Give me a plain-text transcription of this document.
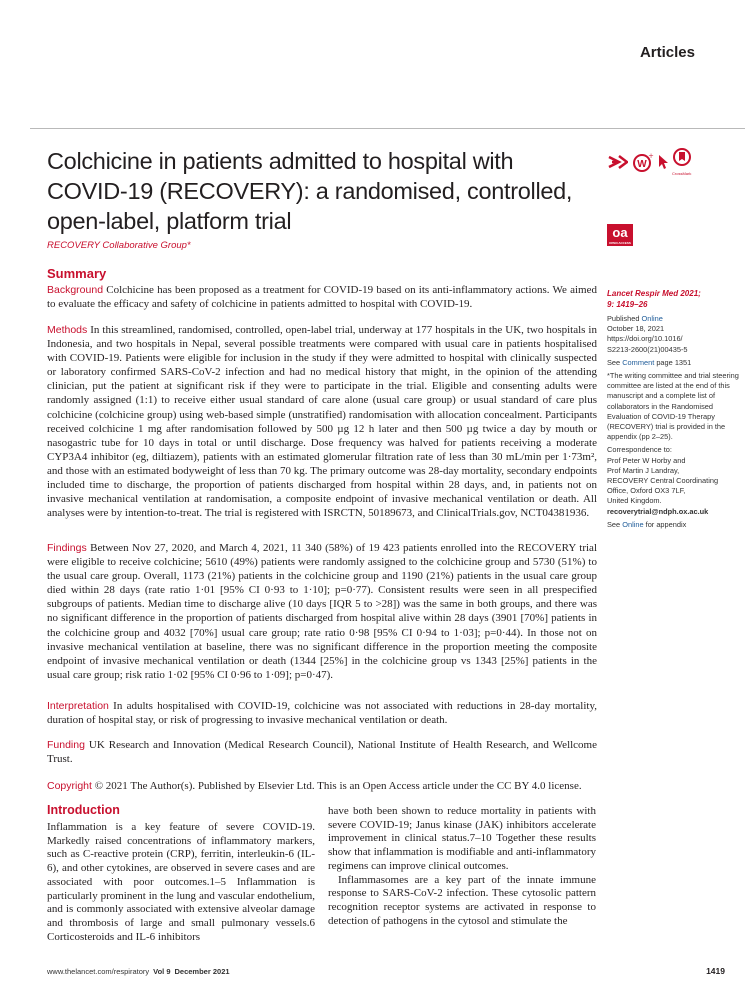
Articles
Colchicine in patients admitted to hospital with COVID-19 (RECOVERY): a randomised, controlled, open-label, platform trial
RECOVERY Collaborative Group*
W
+
CrossMark
oa
OPEN ACCESS
Summary
Background Colchicine has been proposed as a treatment for COVID-19 based on its anti-inflammatory actions. We aimed to evaluate the efficacy and safety of colchicine in patients admitted to hospital with COVID-19.
Methods In this streamlined, randomised, controlled, open-label trial, underway at 177 hospitals in the UK, two hospitals in Indonesia, and two hospitals in Nepal, several possible treatments were compared with usual care in patients hospitalised with COVID-19. Patients were eligible for inclusion in the study if they were admitted to hospital with clinically suspected or laboratory confirmed SARS-CoV-2 infection and had no medical history that might, in the opinion of the attending clinician, put the patient at significant risk if they were to participate in the trial. Eligible and consenting adults were randomly assigned (1:1) to receive either usual standard of care alone (usual care group) or usual standard of care plus colchicine (colchicine group) using web-based simple (unstratified) randomisation with allocation concealment. Participants received colchicine 1 mg after randomisation followed by 500 µg 12 h later and then 500 µg twice a day by mouth or nasogastric tube for 10 days in total or until discharge. Dose frequency was halved for patients receiving a moderate CYP3A4 inhibitor (eg, diltiazem), patients with an estimated glomerular filtration rate of less than 30 mL/min per 1·73m², and those with an estimated bodyweight of less than 70 kg. The primary outcome was 28-day mortality, secondary endpoints included time to discharge, the proportion of patients discharged from hospital within 28 days, and, in patients not on invasive mechanical ventilation at randomisation, a composite endpoint of invasive mechanical ventilation or death. All analyses were by intention-to-treat. The trial is registered with ISRCTN, 50189673, and ClinicalTrials.gov, NCT04381936.
Findings Between Nov 27, 2020, and March 4, 2021, 11 340 (58%) of 19 423 patients enrolled into the RECOVERY trial were eligible to receive colchicine; 5610 (49%) patients were randomly assigned to the colchicine group and 5730 (51%) to the usual care group. Overall, 1173 (21%) patients in the colchicine group and 1190 (21%) patients in the usual care group died within 28 days (rate ratio 1·01 [95% CI 0·93 to 1·10]; p=0·77). Consistent results were seen in all prespecified subgroups of patients. Median time to discharge alive (10 days [IQR 5 to >28]) was the same in both groups, and there was no significant difference in the proportion of patients discharged from hospital alive within 28 days (3901 [70%] patients in the colchicine group and 4032 [70%] usual care group; rate ratio 0·98 [95% CI 0·94 to 1·03]; p=0·44). In those not on invasive mechanical ventilation at baseline, there was no significant difference in the proportion meeting the composite endpoint of invasive mechanical ventilation or death (1344 [25%] in the colchicine group vs 1343 [25%] patients in the usual care group; risk ratio 1·02 [95% CI 0·96 to 1·09]; p=0·47).
Interpretation In adults hospitalised with COVID-19, colchicine was not associated with reductions in 28-day mortality, duration of hospital stay, or risk of progressing to invasive mechanical ventilation or death.
Funding UK Research and Innovation (Medical Research Council), National Institute of Health Research, and Wellcome Trust.
Copyright © 2021 The Author(s). Published by Elsevier Ltd. This is an Open Access article under the CC BY 4.0 license.
Introduction
Inflammation is a key feature of severe COVID-19. Markedly raised concentrations of inflammatory markers, such as C-reactive protein (CRP), ferritin, interleukin-6 (IL-6), and other cytokines, are observed in severe cases and are associated with poor outcomes.1–5 Inflammation is particularly prominent in the lung and vascular endothelium, and is commonly associated with extensive alveolar damage and thrombosis of large and small pulmonary vessels.6 Corticosteroids and IL-6 inhibitors

have both been shown to reduce mortality in patients with severe COVID-19; Janus kinase (JAK) inhibitors accelerate improvement in clinical status.7–10 Together these results show that inflammation is modifiable and anti-inflammatory regimens can improve clinical outcomes.

Inflammasomes are a key part of the innate immune response to SARS-CoV-2 infection. These cytosolic pattern recognition receptor systems are activated in response to detection of pathogens in the cytosol and stimulate the

Lancet Respir Med 2021;
9: 1419–26

Published Online
October 18, 2021
https://doi.org/10.1016/
S2213-2600(21)00435-5

See Comment page 1351

*The writing committee and trial steering committee are listed at the end of this manuscript and a complete list of collaborators in the Randomised Evaluation of COVID-19 Therapy (RECOVERY) trial is provided in the appendix (pp 2–25).

Correspondence to:
Prof Peter W Horby and
Prof Martin J Landray,
RECOVERY Central Coordinating
Office, Oxford OX3 7LF,
United Kingdom.
recoverytrial@ndph.ox.ac.uk

See Online for appendix

www.thelancet.com/respiratory Vol 9 December 2021	1419
